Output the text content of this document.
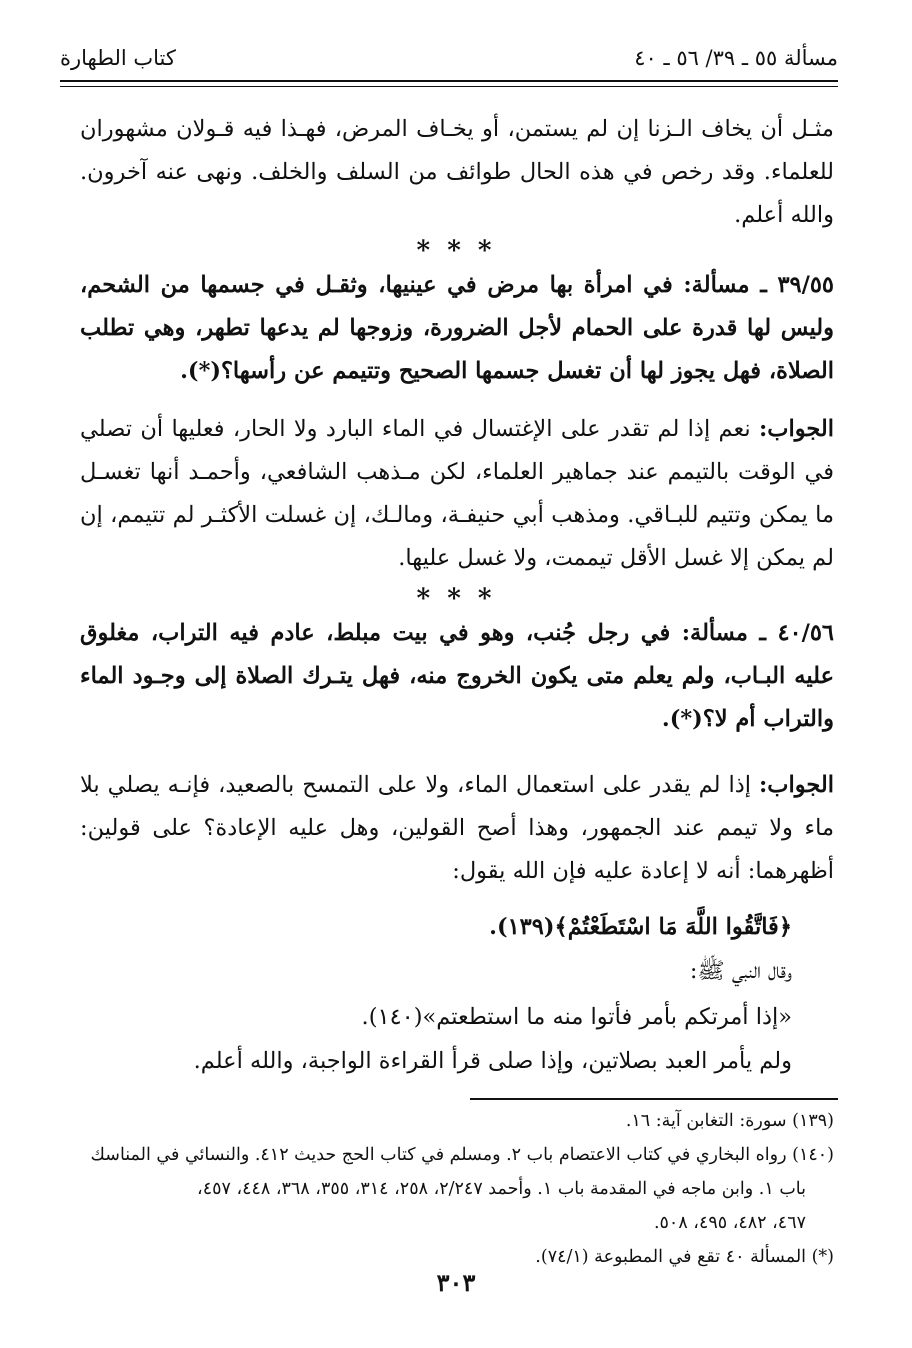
مسألة ٥٥ ـ ٣٩/ ٥٦ ـ ٤٠
كتاب الطهارة
مثـل أن يخاف الـزنا إن لم يستمن، أو يخـاف المرض، فهـذا فيه قـولان مشهوران للعلماء. وقد رخص في هذه الحال طوائف من السلف والخلف. ونهى عنه آخرون. والله أعلم.
* * *
٣٩/٥٥ ـ مسألة: في امرأة بها مرض في عينيها، وثقـل في جسمها من الشحم، وليس لها قدرة على الحمام لأجل الضرورة، وزوجها لم يدعها تطهر، وهي تطلب الصلاة، فهل يجوز لها أن تغسل جسمها الصحيح وتتيمم عن رأسها؟(*).
الجواب: نعم إذا لم تقدر على الإغتسال في الماء البارد ولا الحار، فعليها أن تصلي في الوقت بالتيمم عند جماهير العلماء، لكن مـذهب الشافعي، وأحمـد أنها تغسـل ما يمكن وتتيم للبـاقي. ومذهب أبي حنيفـة، ومالـك، إن غسلت الأكثـر لم تتيمم، إن لم يمكن إلا غسل الأقل تيممت، ولا غسل عليها.
* * *
٤٠/٥٦ ـ مسألة: في رجل جُنب، وهو في بيت مبلط، عادم فيه التراب، مغلوق عليه البـاب، ولم يعلم متى يكون الخروج منه، فهل يتـرك الصلاة إلى وجـود الماء والتراب أم لا؟(*).
الجواب: إذا لم يقدر على استعمال الماء، ولا على التمسح بالصعيد، فإنـه يصلي بلا ماء ولا تيمم عند الجمهور، وهذا أصح القولين، وهل عليه الإعادة؟ على قولين: أظهرهما: أنه لا إعادة عليه فإن الله يقول:
﴿فَاتَّقُوا اللَّهَ مَا اسْتَطَعْتُمْ﴾(١٣٩).
وقال النبي ﷺ:
«إذا أمرتكم بأمر فأتوا منه ما استطعتم»(١٤٠).
ولم يأمر العبد بصلاتين، وإذا صلى قرأ القراءة الواجبة، والله أعلم.

(١٣٩) سورة: التغابن آية: ١٦.

(١٤٠) رواه البخاري في كتاب الاعتصام باب ٢. ومسلم في كتاب الحج حديث ٤١٢. والنسائي في المناسك

باب ١. وابن ماجه في المقدمة باب ١. وأحمد ٢/٢٤٧، ٢٥٨، ٣١٤، ٣٥٥، ٣٦٨، ٤٤٨، ٤٥٧،

٤٦٧، ٤٨٢، ٤٩٥، ٥٠٨.

(*) المسألة ٤٠ تقع في المطبوعة (٧٤/١).

٣٠٣
